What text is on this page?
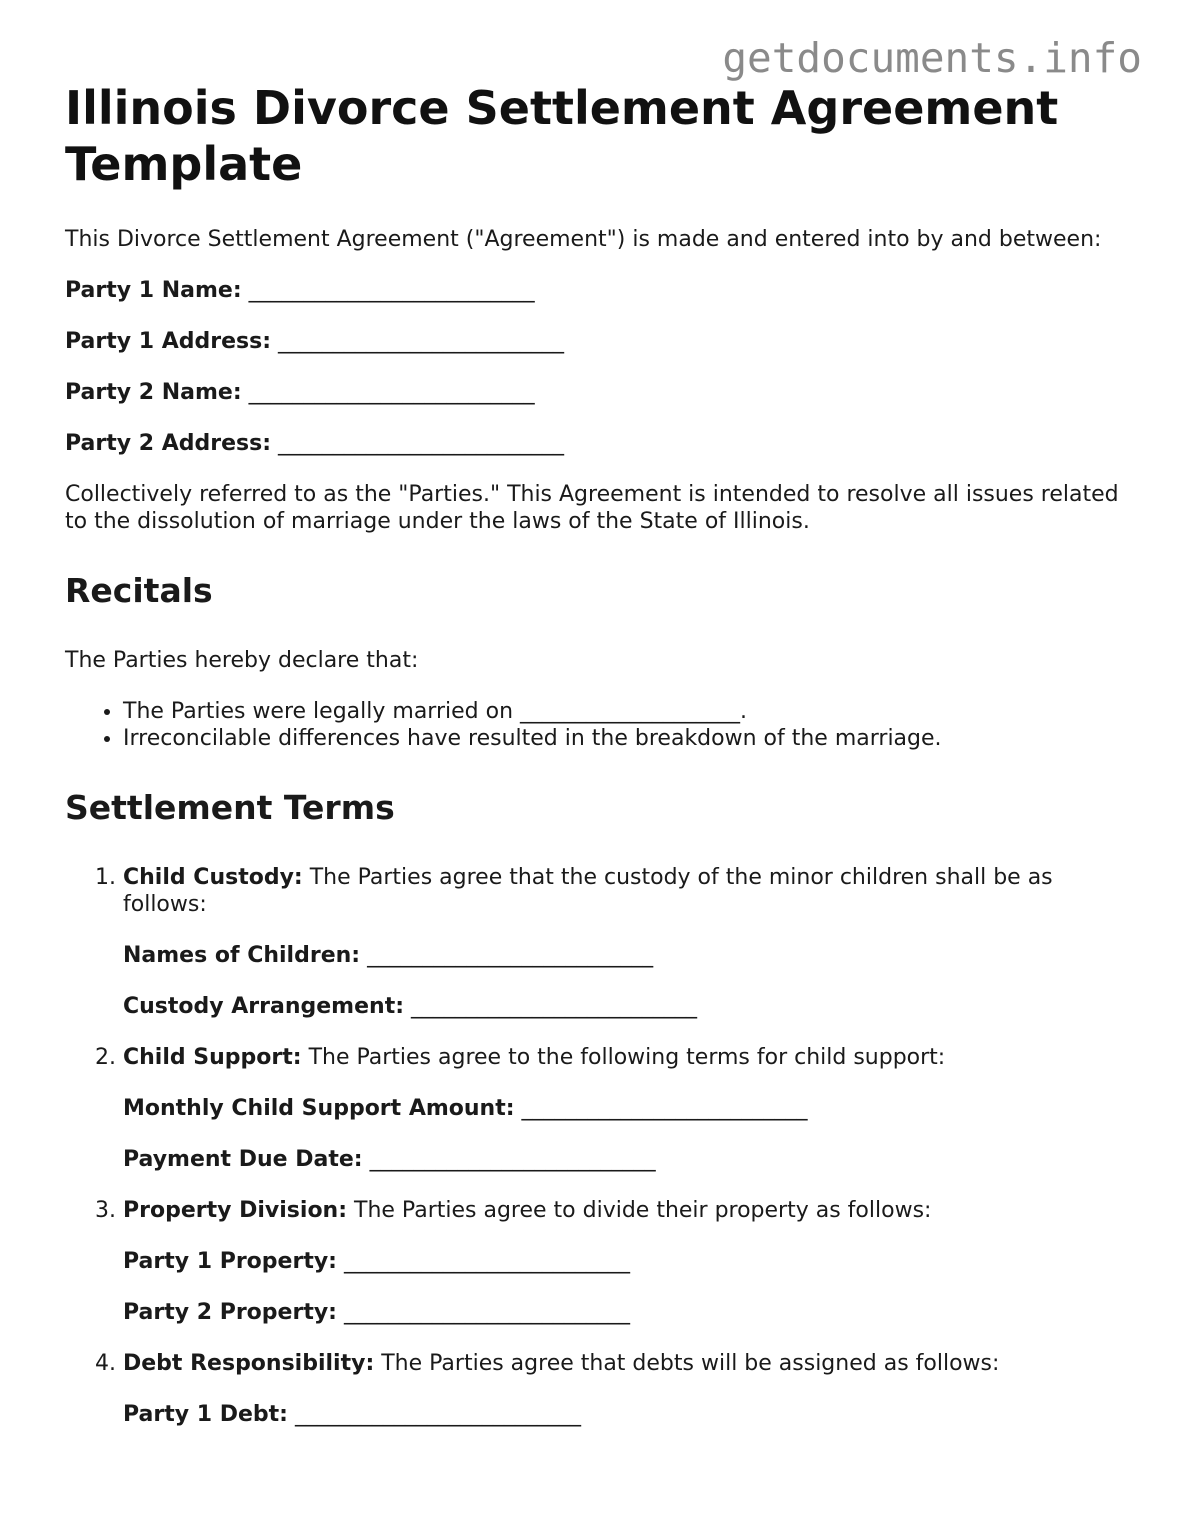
getdocuments.info
Illinois Divorce Settlement Agreement Template

This Divorce Settlement Agreement ("Agreement") is made and entered into by and between:

Party 1 Name: __________________________
Party 1 Address: __________________________
Party 2 Name: __________________________
Party 2 Address: __________________________

Collectively referred to as the "Parties." This Agreement is intended to resolve all issues related to the dissolution of marriage under the laws of the State of Illinois.

Recitals

The Parties hereby declare that:

• The Parties were legally married on ____________________.
• Irreconcilable differences have resulted in the breakdown of the marriage.
Settlement Terms
1. Child Custody: The Parties agree that the custody of the minor children shall be as follows:
Names of Children: __________________________
Custody Arrangement: __________________________
2. Child Support: The Parties agree to the following terms for child support:
Monthly Child Support Amount: __________________________
Payment Due Date: __________________________
3. Property Division: The Parties agree to divide their property as follows:
Party 1 Property: __________________________
Party 2 Property: __________________________
4. Debt Responsibility: The Parties agree that debts will be assigned as follows:
Party 1 Debt: __________________________
